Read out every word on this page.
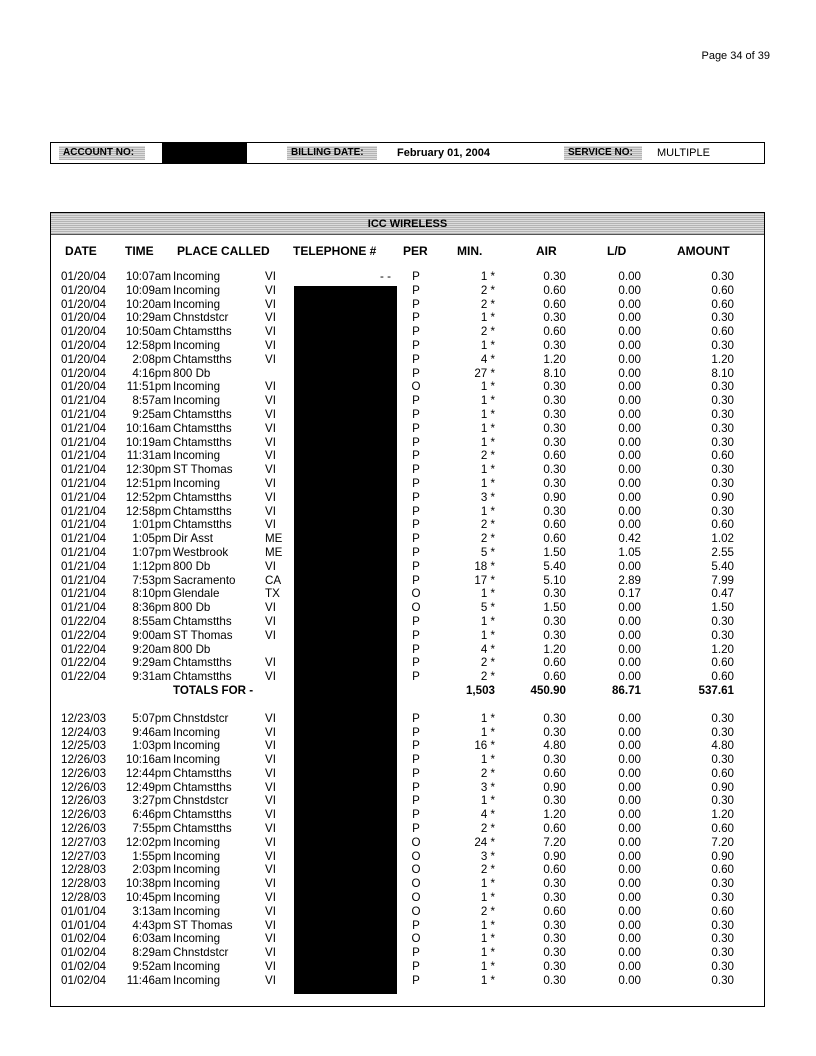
Page 34 of 39
ACCOUNT NO:	BILLING DATE:	February 01, 2004	SERVICE NO:	MULTIPLE
ICC WIRELESS
DATE TIME PLACE CALLED TELEPHONE # PER MIN.	AIR	L/D	AMOUNT
01/20/04	10:07am Incoming	VI	- -	P	1 *	0.30	0.00	0.30
01/20/04	10:09am Incoming	VI	P	2 *	0.60	0.00	0.60
01/20/04	10:20am Incoming	VI	P	2 *	0.60	0.00	0.60
01/20/04	10:29am Chnstdstcr	VI	P	1 *	0.30	0.00	0.30
01/20/04	10:50am Chtamstths	VI	P	2 *	0.60	0.00	0.60
01/20/04	12:58pm Incoming	VI	P	1 *	0.30	0.00	0.30
01/20/04	2:08pm Chtamstths	VI	P	4 *	1.20	0.00	1.20
01/20/04	4:16pm 800 Db	P	27 *	8.10	0.00	8.10
01/20/04	11:51pm Incoming	VI	O	1 *	0.30	0.00	0.30
01/21/04	8:57am Incoming	VI	P	1 *	0.30	0.00	0.30
01/21/04	9:25am Chtamstths	VI	P	1 *	0.30	0.00	0.30
01/21/04	10:16am Chtamstths	VI	P	1 *	0.30	0.00	0.30
01/21/04	10:19am Chtamstths	VI	P	1 *	0.30	0.00	0.30
01/21/04	11:31am Incoming	VI	P	2 *	0.60	0.00	0.60
01/21/04	12:30pm ST Thomas	VI	P	1 *	0.30	0.00	0.30
01/21/04	12:51pm Incoming	VI	P	1 *	0.30	0.00	0.30
01/21/04	12:52pm Chtamstths	VI	P	3 *	0.90	0.00	0.90
01/21/04	12:58pm Chtamstths	VI	P	1 *	0.30	0.00	0.30
01/21/04	1:01pm Chtamstths	VI	P	2 *	0.60	0.00	0.60
01/21/04	1:05pm Dir Asst	ME	P	2 *	0.60	0.42	1.02
01/21/04	1:07pm Westbrook	ME	P	5 *	1.50	1.05	2.55
01/21/04	1:12pm 800 Db	VI	P	18 *	5.40	0.00	5.40
01/21/04	7:53pm Sacramento	CA	P	17 *	5.10	2.89	7.99
01/21/04	8:10pm Glendale	TX	O	1 *	0.30	0.17	0.47
01/21/04	8:36pm 800 Db	VI	O	5 *	1.50	0.00	1.50
01/22/04	8:55am Chtamstths	VI	P	1 *	0.30	0.00	0.30
01/22/04	9:00am ST Thomas	VI	P	1 *	0.30	0.00	0.30
01/22/04	9:20am 800 Db	P	4 *	1.20	0.00	1.20
01/22/04	9:29am Chtamstths	VI	P	2 *	0.60	0.00	0.60
01/22/04	9:31am Chtamstths	VI	P	2 *	0.60	0.00	0.60
TOTALS FOR -	1,503	450.90	86.71	537.61
12/23/03	5:07pm Chnstdstcr	VI	P	1 *	0.30	0.00	0.30
12/24/03	9:46am Incoming	VI	P	1 *	0.30	0.00	0.30
12/25/03	1:03pm Incoming	VI	P	16 *	4.80	0.00	4.80
12/26/03	10:16am Incoming	VI	P	1 *	0.30	0.00	0.30
12/26/03	12:44pm Chtamstths	VI	P	2 *	0.60	0.00	0.60
12/26/03	12:49pm Chtamstths	VI	P	3 *	0.90	0.00	0.90
12/26/03	3:27pm Chnstdstcr	VI	P	1 *	0.30	0.00	0.30
12/26/03	6:46pm Chtamstths	VI	P	4 *	1.20	0.00	1.20
12/26/03	7:55pm Chtamstths	VI	P	2 *	0.60	0.00	0.60
12/27/03	12:02pm Incoming	VI	O	24 *	7.20	0.00	7.20
12/27/03	1:55pm Incoming	VI	O	3 *	0.90	0.00	0.90
12/28/03	2:03pm Incoming	VI	O	2 *	0.60	0.00	0.60
12/28/03	10:38pm Incoming	VI	O	1 *	0.30	0.00	0.30
12/28/03	10:45pm Incoming	VI	O	1 *	0.30	0.00	0.30
01/01/04	3:13am Incoming	VI	O	2 *	0.60	0.00	0.60
01/01/04	4:43pm ST Thomas	VI	P	1 *	0.30	0.00	0.30
01/02/04	6:03am Incoming	VI	O	1 *	0.30	0.00	0.30
01/02/04	8:29am Chnstdstcr	VI	P	1 *	0.30	0.00	0.30
01/02/04	9:52am Incoming	VI	P	1 *	0.30	0.00	0.30
01/02/04	11:46am Incoming	VI	P	1 *	0.30	0.00	0.30
